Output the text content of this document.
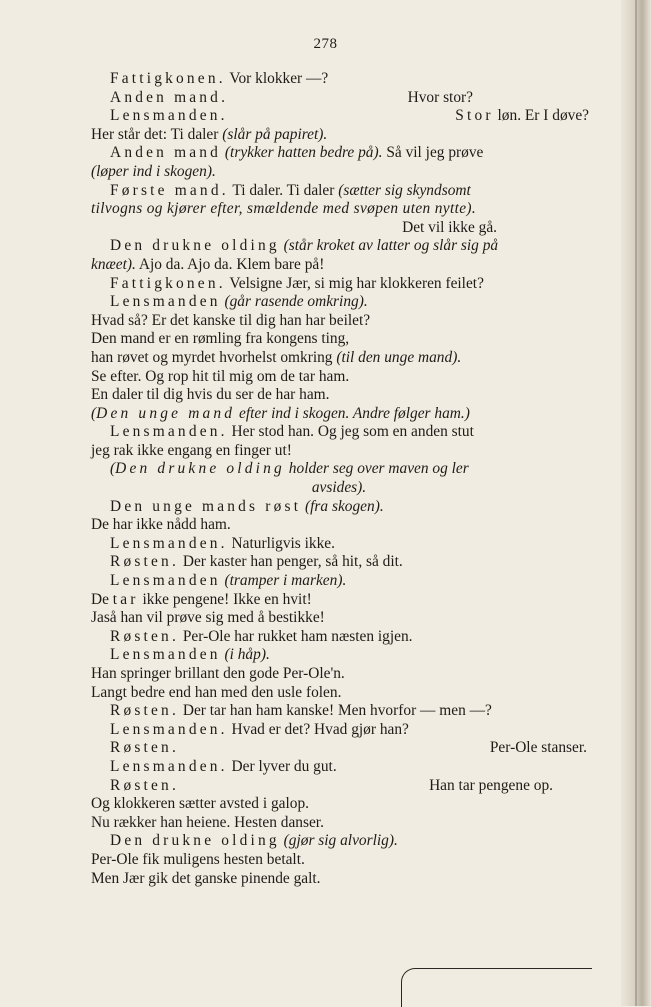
278
Fattigkonen. Vor klokker —?
Anden mand.	Hvor stor?
Lensmanden.	Stor løn. Er I døve?
Her står det: Ti daler (slår på papiret).
Anden mand (trykker hatten bedre på). Så vil jeg prøve
(løper ind i skogen).
Første mand. Ti daler. Ti daler (sætter sig skyndsomt
tilvogns og kjører efter, smældende med svøpen uten nytte).
Det vil ikke gå.
Den drukne olding (står kroket av latter og slår sig på
knæet). Ajo da. Ajo da. Klem bare på!
Fattigkonen. Velsigne Jær, si mig har klokkeren feilet?
Lensmanden (går rasende omkring).
Hvad så? Er det kanske til dig han har beilet?
Den mand er en rømling fra kongens ting,
han røvet og myrdet hvorhelst omkring (til den unge mand).
Se efter. Og rop hit til mig om de tar ham.
En daler til dig hvis du ser de har ham.
(Den unge mand efter ind i skogen. Andre følger ham.)
Lensmanden. Her stod han. Og jeg som en anden stut
jeg rak ikke engang en finger ut!
(Den drukne olding holder seg over maven og ler
avsides).
Den unge mands røst (fra skogen).
De har ikke nådd ham.
Lensmanden. Naturligvis ikke.
Røsten. Der kaster han penger, så hit, så dit.
Lensmanden (tramper i marken).
De tar ikke pengene! Ikke en hvit!
Jaså han vil prøve sig med å bestikke!
Røsten. Per-Ole har rukket ham næsten igjen.
Lensmanden (i håp).
Han springer brillant den gode Per-Ole'n.
Langt bedre end han med den usle folen.
Røsten. Der tar han ham kanske! Men hvorfor — men —?
Lensmanden. Hvad er det? Hvad gjør han?
Røsten.	Per-Ole stanser.
Lensmanden. Der lyver du gut.
Røsten.	Han tar pengene op.
Og klokkeren sætter avsted i galop.
Nu rækker han heiene. Hesten danser.
Den drukne olding (gjør sig alvorlig).
Per-Ole fik muligens hesten betalt.
Men Jær gik det ganske pinende galt.
